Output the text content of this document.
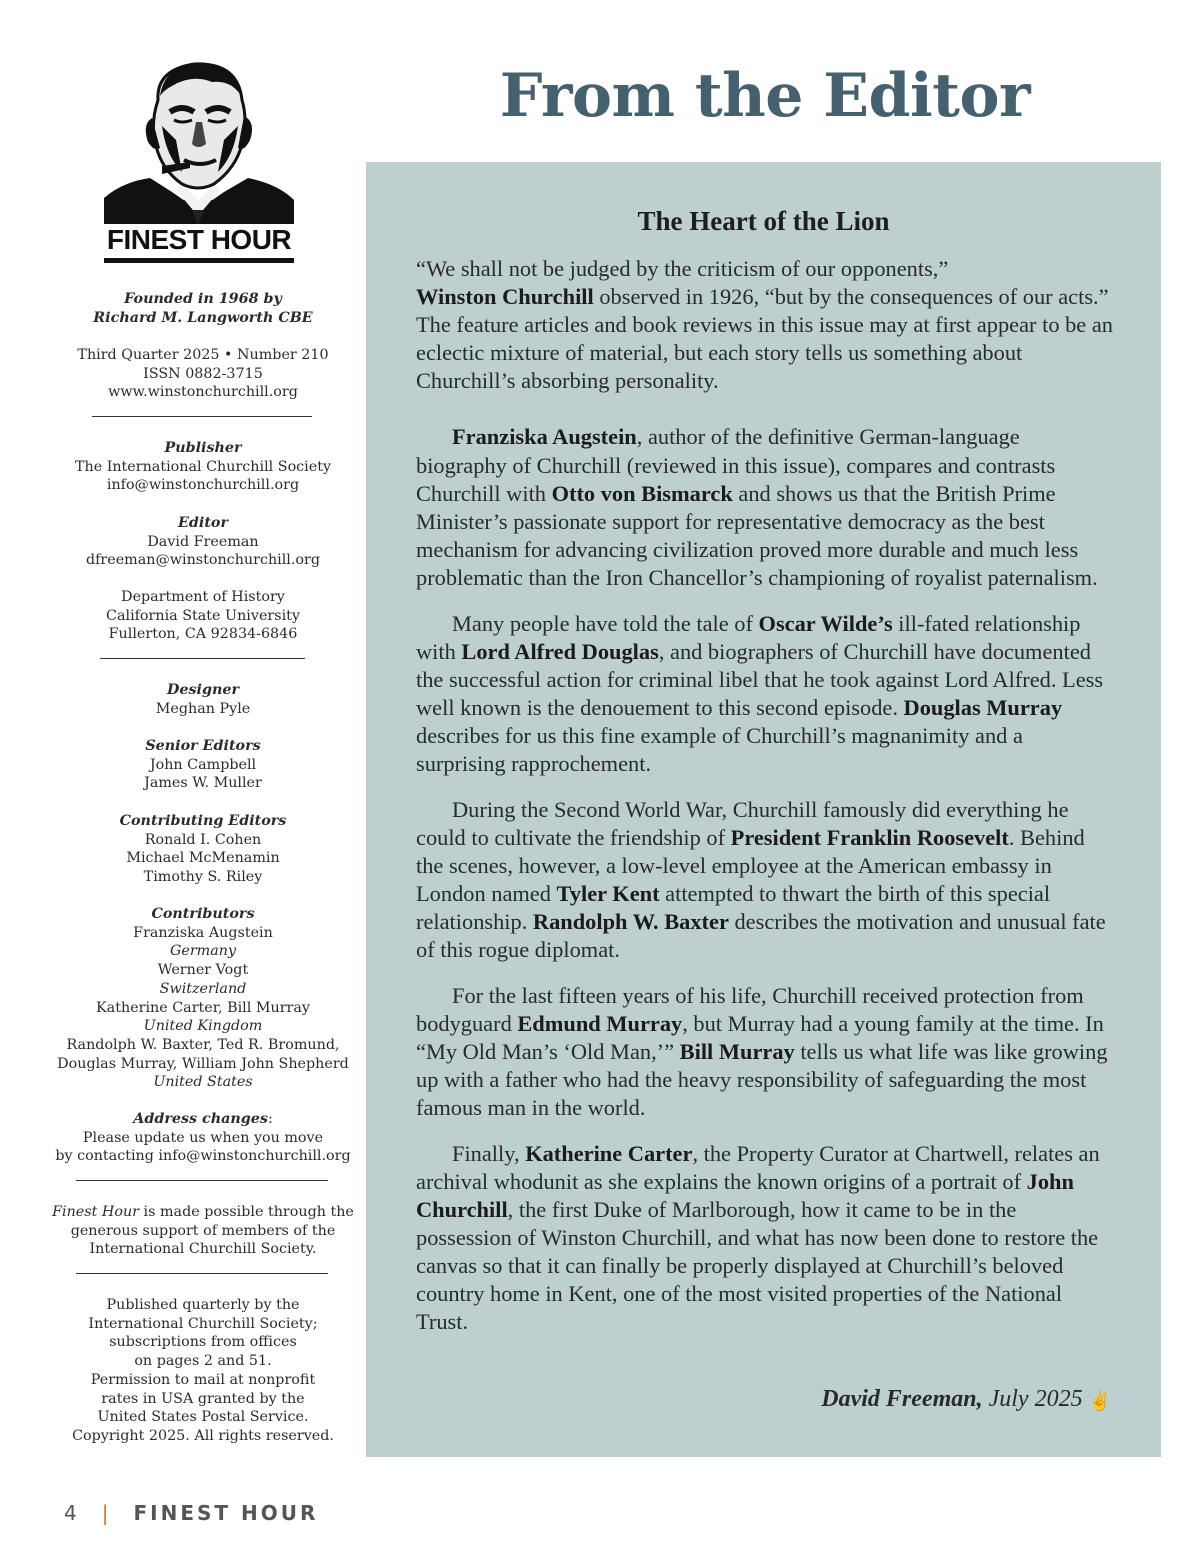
FINEST HOUR

Founded in 1968 by

Richard M. Langworth CBE

Third Quarter 2025 • Number 210

ISSN 0882-3715

www.winstonchurchill.org

Publisher

The International Churchill Society

info@winstonchurchill.org

Editor

David Freeman

dfreeman@winstonchurchill.org

Department of History

California State University

Fullerton, CA 92834-6846

Designer

Meghan Pyle

Senior Editors

John Campbell

James W. Muller

Contributing Editors

Ronald I. Cohen

Michael McMenamin

Timothy S. Riley

Contributors

Franziska Augstein

Germany

Werner Vogt

Switzerland

Katherine Carter, Bill Murray

United Kingdom

Randolph W. Baxter, Ted R. Bromund,

Douglas Murray, William John Shepherd

United States

Address changes:

Please update us when you move

by contacting info@winstonchurchill.org

Finest Hour is made possible through the

generous support of members of the

International Churchill Society.

Published quarterly by the

International Churchill Society;

subscriptions from offices

on pages 2 and 51.

Permission to mail at nonprofit

rates in USA granted by the

United States Postal Service.

Copyright 2025. All rights reserved.

From the Editor
The Heart of the Lion

“We shall not be judged by the criticism of our opponents,”
Winston Churchill observed in 1926, “but by the consequences of our acts.” The feature articles and book reviews in this issue may at first appear to be an eclectic mixture of material, but each story tells us something about Churchill’s absorbing personality.

Franziska Augstein, author of the definitive German-language biography of Churchill (reviewed in this issue), compares and contrasts Churchill with Otto von Bismarck and shows us that the British Prime Minister’s passionate support for representative democracy as the best mechanism for advancing civilization proved more durable and much less problematic than the Iron Chancellor’s championing of royalist paternalism.

Many people have told the tale of Oscar Wilde’s ill-fated relationship with Lord Alfred Douglas, and biographers of Churchill have documented the successful action for criminal libel that he took against Lord Alfred. Less well known is the denouement to this second episode. Douglas Murray describes for us this fine example of Churchill’s magnanimity and a surprising rapprochement.

During the Second World War, Churchill famously did everything he could to cultivate the friendship of President Franklin Roosevelt. Behind the scenes, however, a low-level employee at the American embassy in London named Tyler Kent attempted to thwart the birth of this special relationship. Randolph W. Baxter describes the motivation and unusual fate of this rogue diplomat.

For the last fifteen years of his life, Churchill received protection from bodyguard Edmund Murray, but Murray had a young family at the time. In “My Old Man’s ‘Old Man,’” Bill Murray tells us what life was like growing up with a father who had the heavy responsibility of safeguarding the most famous man in the world.

Finally, Katherine Carter, the Property Curator at Chartwell, relates an archival whodunit as she explains the known origins of a portrait of John Churchill, the first Duke of Marlborough, how it came to be in the possession of Winston Churchill, and what has now been done to restore the canvas so that it can finally be properly displayed at Churchill’s beloved country home in Kent, one of the most visited properties of the National Trust.

David Freeman, July 2025 ✌
4 | FINEST HOUR
